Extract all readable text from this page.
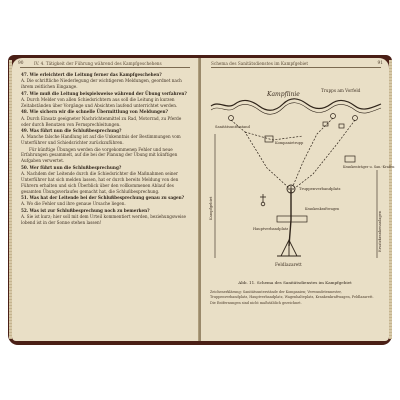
90	IV. 4. Tätigkeit der Führung während des Kampfgeschehens
47. Wie erleichtert die Leitung ferner das Kampfgeschehen?
A. Die schriftliche Niederlegung der wichtigeren Meldungen, geordnet nach ihrem zeitlichen Eingange.
47. Wie muß die Leitung beispielsweise während der Übung verfahren?
A. Durch Melder von allen Schiedsrichtern aus soll die Leitung in kurzen Zeitabständen über Vorgänge und Absichten laufend unterrichtet werden.
48. Wie sichern wir die schnelle Übermittlung von Meldungen?
A. Durch Einsatz geeigneter Nachrichtenmittel zu Rad, Motorrad, zu Pferde oder durch Benutzen von Fernsprechleitungen.
49. Was führt nun die Schlußbesprechung?
A. Manche falsche Handlung ist auf die Unkenntnis der Bestimmungen vom Unterführer und Schiedsrichter zurückzuführen.
Für künftige Übungen werden die vorgekommenen Fehler und neue Erfahrungen gesammelt, auf die bei der Planung der Übung mit künftigen Aufgaben verwertet.
50. Wer führt nun die Schlußbesprechung?
A. Nachdem der Leitende durch die Schiedsrichter die Maßnahmen seiner Unterführer hat sich melden lassen, hat er durch bereits Meldung von den Führern erhalten und sich Überblick über den vollkommenen Ablauf des gesamten Übungsverlaufes gemacht hat, die Schlußbesprechung.
51. Was hat der Leitende bei der Schlußbesprechung genau zu sagen?
A. Wo die Fehler und ihre genaue Ursache liegen.
52. Was ist zur Schlußbesprechung noch zu bemerken?
A. Sie ist kurz; hier soll mit dem Urteil kommentiert werden, beziehungsweise lobend ist in der Sonne stehen lassen!
Schema des Sanitätsdienstes im Kampfgebiet	91
Kampflinie
Trupps am Vorfeld
Sanitätsunterstand
Kompanietrupp
Krankenträger u. San.-Kraftw.
Truppenverbandplatz
Hauptverbandplatz
Krankenkraftwagen
Feldlazarett
Kampfgebiet
Ersatzkrankenanlagen
Abb. 11. Schema des Sanitätsdienstes im Kampfgebiet
Zeichenerklärung: Sanitätsunterstände der Kompanien; Verwundetennester, Truppenverbandplatz, Hauptverbandplatz, Wagenhalteplatz, Krankenkraftwagen, Feldlazarett. Die Entfernungen sind nicht maßstäblich gezeichnet.
